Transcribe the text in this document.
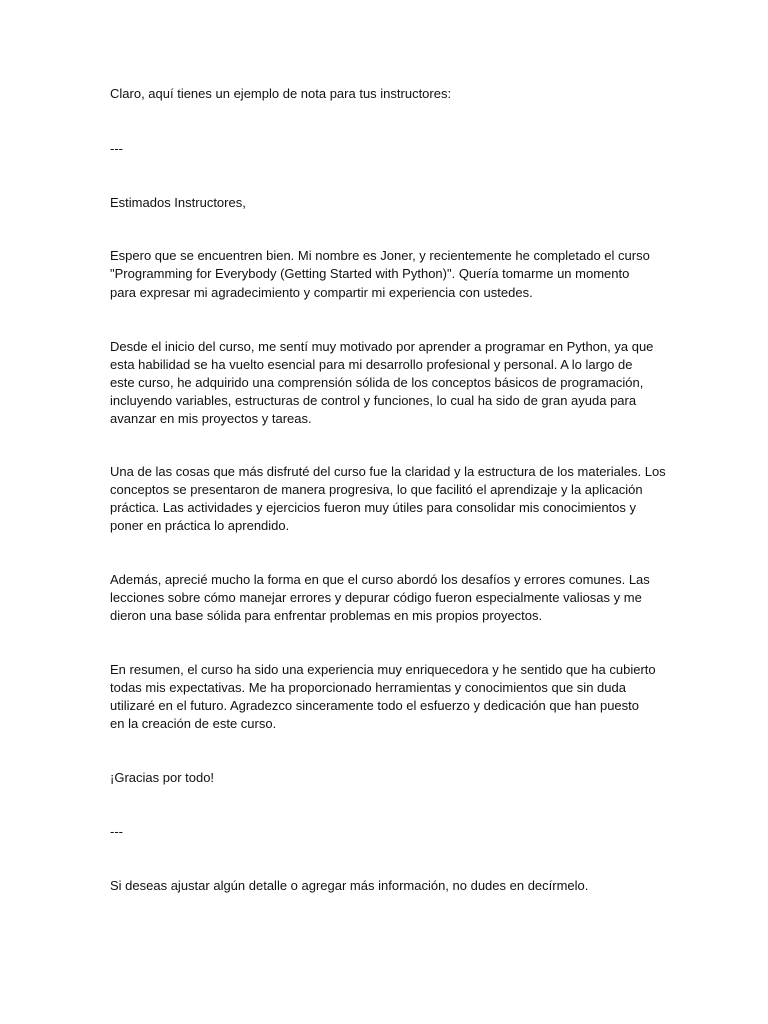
Claro, aquí tienes un ejemplo de nota para tus instructores:

---

Estimados Instructores,

Espero que se encuentren bien. Mi nombre es Joner, y recientemente he completado el curso

"Programming for Everybody (Getting Started with Python)". Quería tomarme un momento

para expresar mi agradecimiento y compartir mi experiencia con ustedes.

Desde el inicio del curso, me sentí muy motivado por aprender a programar en Python, ya que

esta habilidad se ha vuelto esencial para mi desarrollo profesional y personal. A lo largo de

este curso, he adquirido una comprensión sólida de los conceptos básicos de programación,

incluyendo variables, estructuras de control y funciones, lo cual ha sido de gran ayuda para

avanzar en mis proyectos y tareas.

Una de las cosas que más disfruté del curso fue la claridad y la estructura de los materiales. Los

conceptos se presentaron de manera progresiva, lo que facilitó el aprendizaje y la aplicación

práctica. Las actividades y ejercicios fueron muy útiles para consolidar mis conocimientos y

poner en práctica lo aprendido.

Además, aprecié mucho la forma en que el curso abordó los desafíos y errores comunes. Las

lecciones sobre cómo manejar errores y depurar código fueron especialmente valiosas y me

dieron una base sólida para enfrentar problemas en mis propios proyectos.

En resumen, el curso ha sido una experiencia muy enriquecedora y he sentido que ha cubierto

todas mis expectativas. Me ha proporcionado herramientas y conocimientos que sin duda

utilizaré en el futuro. Agradezco sinceramente todo el esfuerzo y dedicación que han puesto

en la creación de este curso.

¡Gracias por todo!

---

Si deseas ajustar algún detalle o agregar más información, no dudes en decírmelo.
